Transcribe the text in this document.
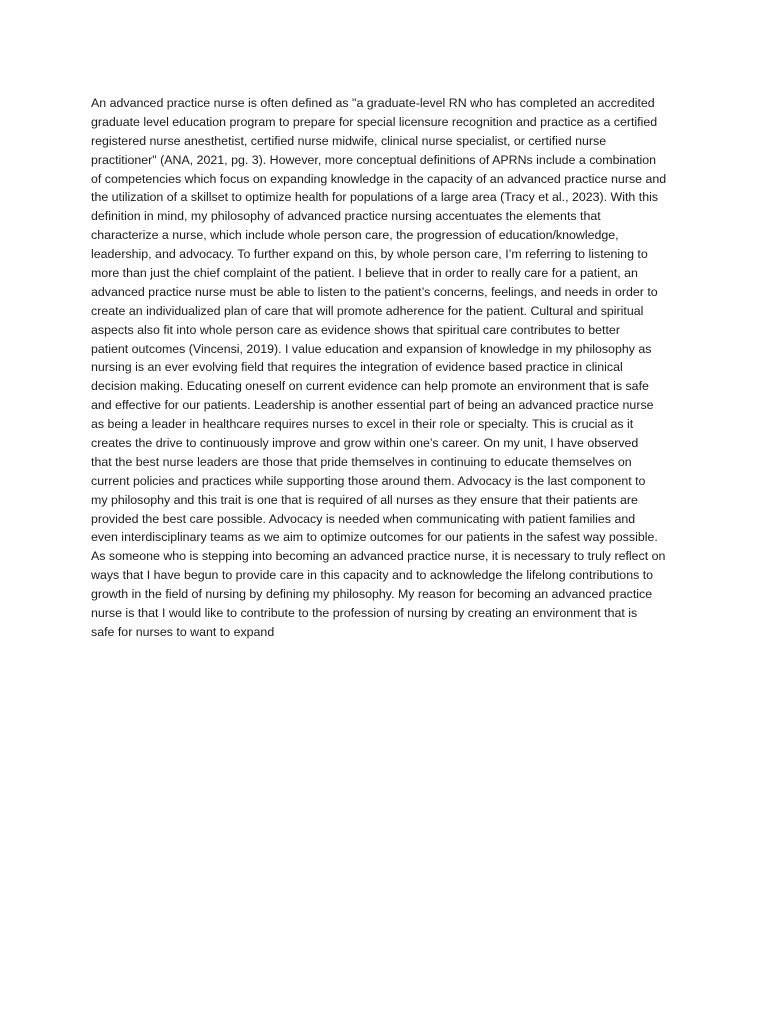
An advanced practice nurse is often defined as "a graduate-level RN who has completed an accredited
graduate level education program to prepare for special licensure recognition and practice as a certified
registered nurse anesthetist, certified nurse midwife, clinical nurse specialist, or certified nurse
practitioner" (ANA, 2021, pg. 3). However, more conceptual definitions of APRNs include a combination
of competencies which focus on expanding knowledge in the capacity of an advanced practice nurse and
the utilization of a skillset to optimize health for populations of a large area (Tracy et al., 2023). With this
definition in mind, my philosophy of advanced practice nursing accentuates the elements that
characterize a nurse, which include whole person care, the progression of education/knowledge,
leadership, and advocacy. To further expand on this, by whole person care, I’m referring to listening to
more than just the chief complaint of the patient. I believe that in order to really care for a patient, an
advanced practice nurse must be able to listen to the patient’s concerns, feelings, and needs in order to
create an individualized plan of care that will promote adherence for the patient. Cultural and spiritual
aspects also fit into whole person care as evidence shows that spiritual care contributes to better
patient outcomes (Vincensi, 2019). I value education and expansion of knowledge in my philosophy as
nursing is an ever evolving field that requires the integration of evidence based practice in clinical
decision making. Educating oneself on current evidence can help promote an environment that is safe
and effective for our patients. Leadership is another essential part of being an advanced practice nurse
as being a leader in healthcare requires nurses to excel in their role or specialty. This is crucial as it
creates the drive to continuously improve and grow within one’s career. On my unit, I have observed
that the best nurse leaders are those that pride themselves in continuing to educate themselves on
current policies and practices while supporting those around them. Advocacy is the last component to
my philosophy and this trait is one that is required of all nurses as they ensure that their patients are
provided the best care possible. Advocacy is needed when communicating with patient families and
even interdisciplinary teams as we aim to optimize outcomes for our patients in the safest way possible.
As someone who is stepping into becoming an advanced practice nurse, it is necessary to truly reflect on
ways that I have begun to provide care in this capacity and to acknowledge the lifelong contributions to
growth in the field of nursing by defining my philosophy. My reason for becoming an advanced practice
nurse is that I would like to contribute to the profession of nursing by creating an environment that is
safe for nurses to want to expand
